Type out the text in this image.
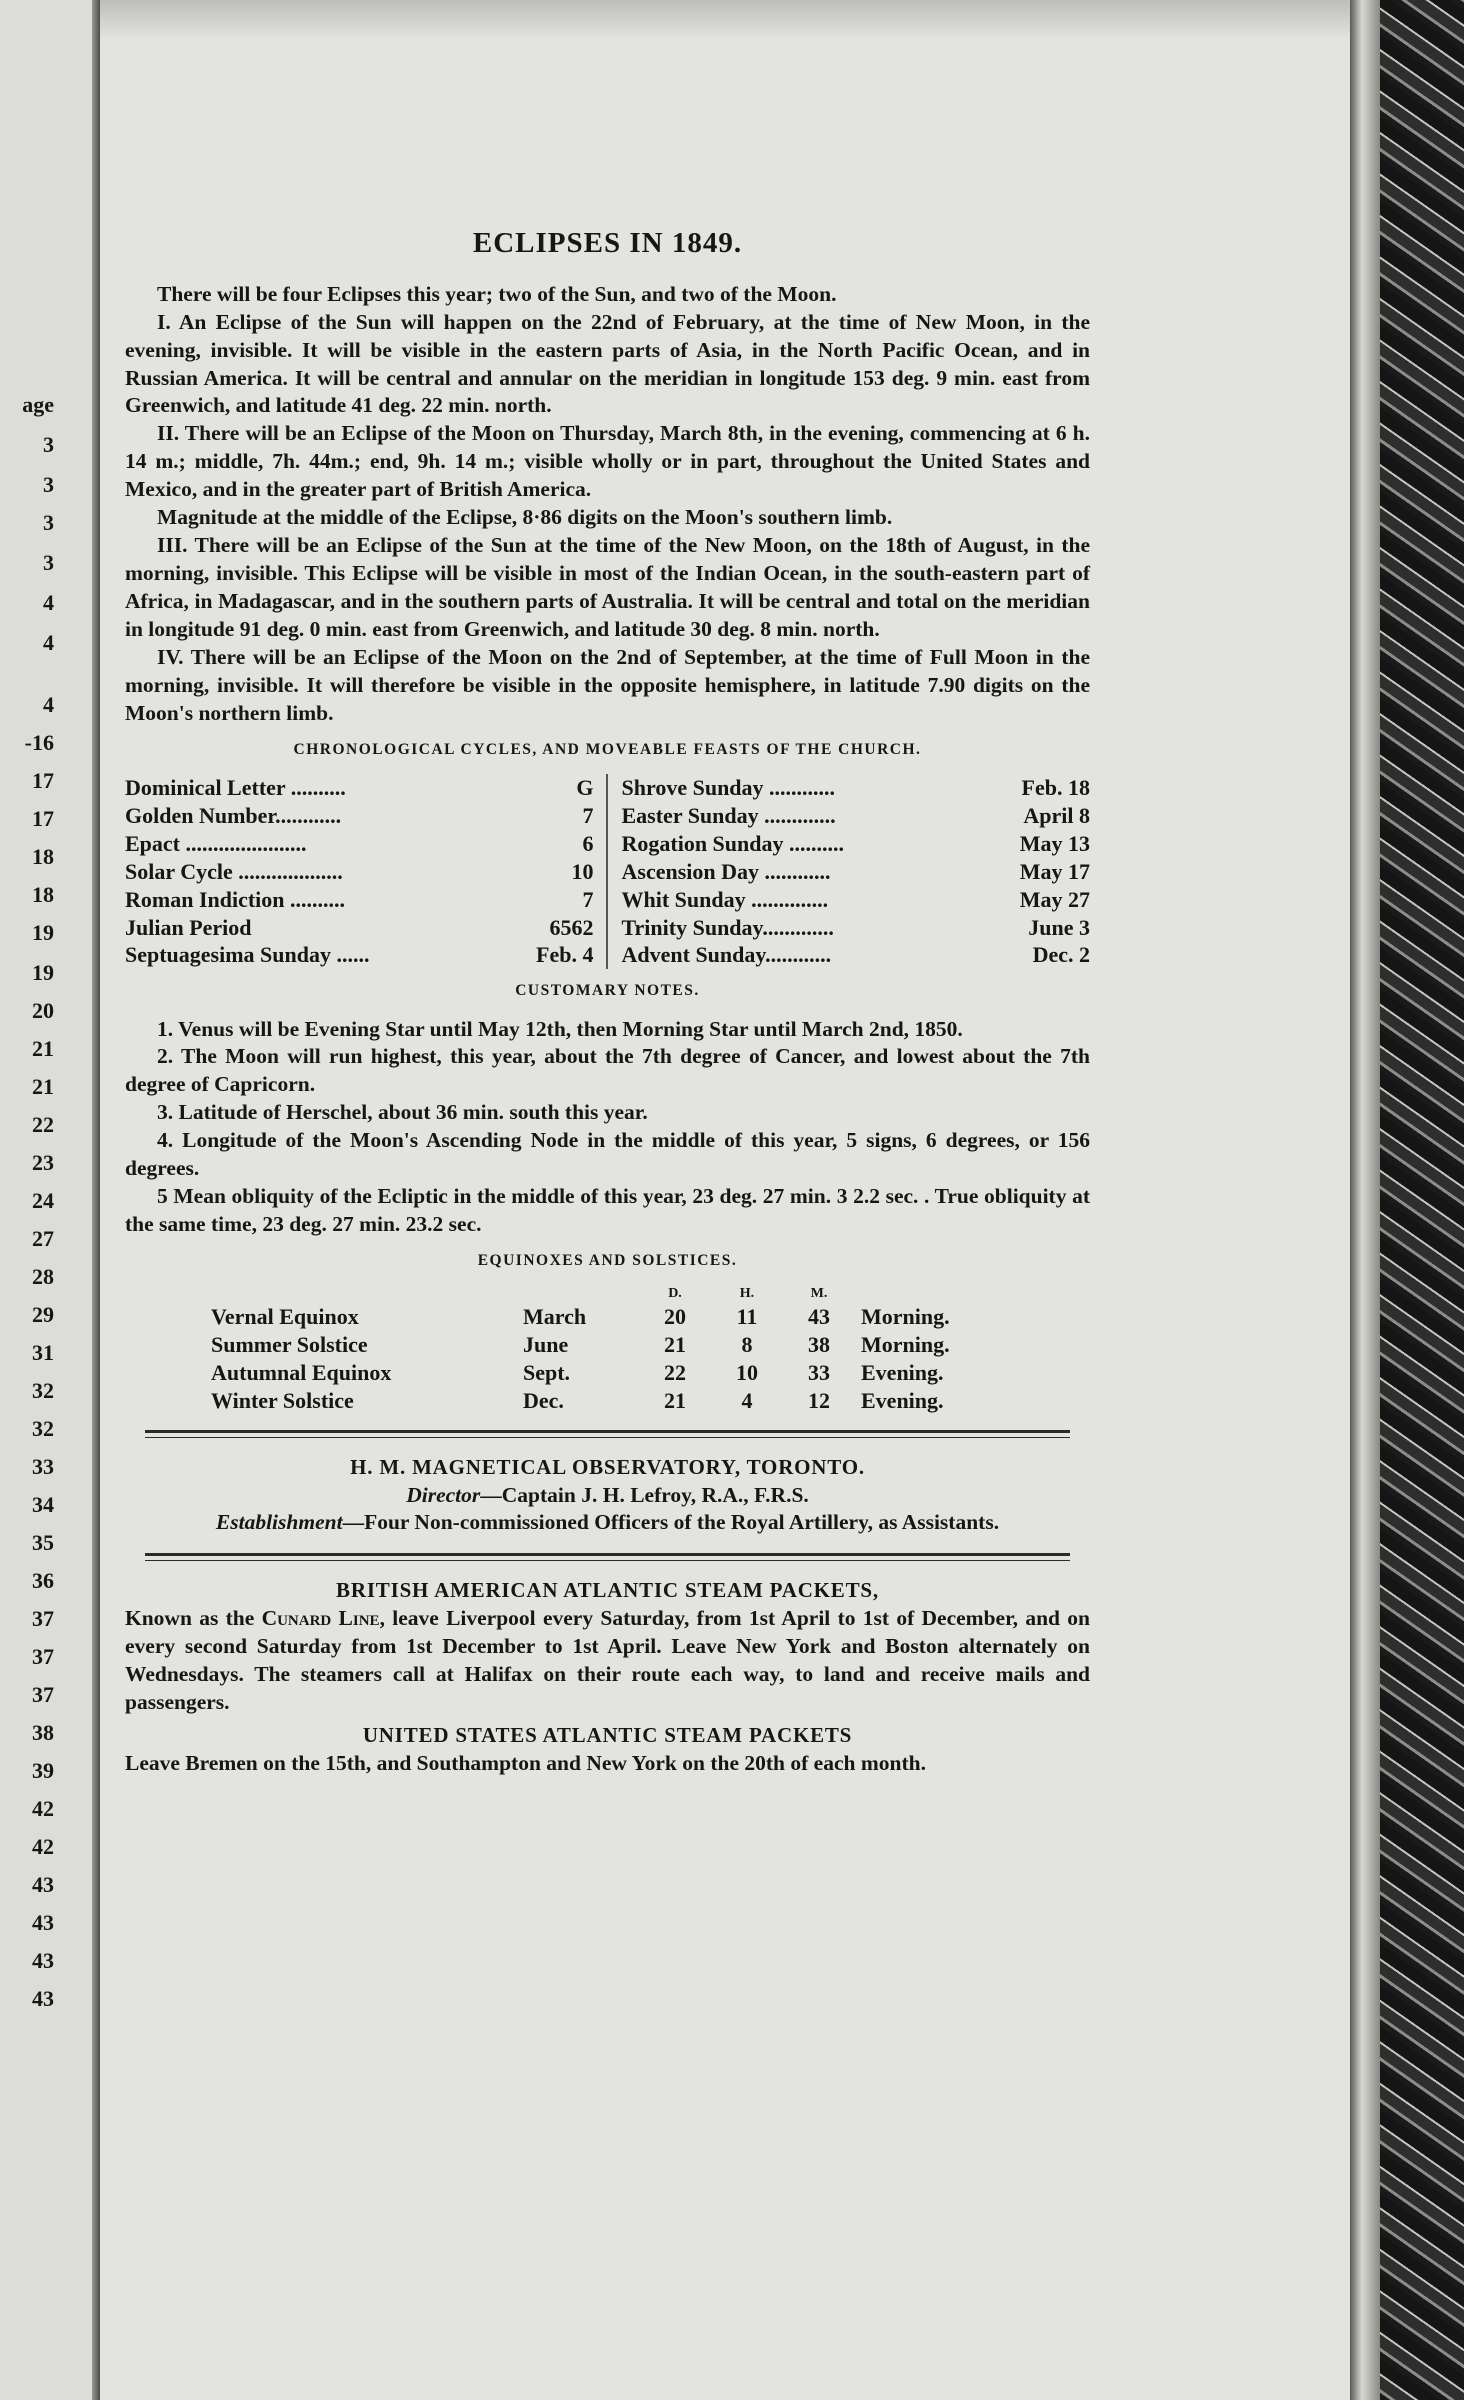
age
3
3
3
3
4
4
4
-16
17
17
18
18
19
19
20
21
21
22
23
24
27
28
29
31
32
32
33
34
35
36
37
37
37
38
39
42
42
43
43
43
43
ECLIPSES IN 1849.

There will be four Eclipses this year; two of the Sun, and two of the Moon.

I. An Eclipse of the Sun will happen on the 22nd of February, at the time of New Moon, in the evening, invisible. It will be visible in the eastern parts of Asia, in the North Pacific Ocean, and in Russian America. It will be central and annular on the meridian in longitude 153 deg. 9 min. east from Greenwich, and latitude 41 deg. 22 min. north.

II. There will be an Eclipse of the Moon on Thursday, March 8th, in the evening, commencing at 6 h. 14 m.; middle, 7h. 44m.; end, 9h. 14 m.; visible wholly or in part, throughout the United States and Mexico, and in the greater part of British America.

Magnitude at the middle of the Eclipse, 8·86 digits on the Moon's southern limb.

III. There will be an Eclipse of the Sun at the time of the New Moon, on the 18th of August, in the morning, invisible. This Eclipse will be visible in most of the Indian Ocean, in the south-eastern part of Africa, in Madagascar, and in the southern parts of Australia. It will be central and total on the meridian in longitude 91 deg. 0 min. east from Greenwich, and latitude 30 deg. 8 min. north.

IV. There will be an Eclipse of the Moon on the 2nd of September, at the time of Full Moon in the morning, invisible. It will therefore be visible in the opposite hemisphere, in latitude 7.90 digits on the Moon's northern limb.

CHRONOLOGICAL CYCLES, AND MOVEABLE FEASTS OF THE CHURCH.
Dominical Letter ..........	G
Golden Number............	7
Epact ......................	6
Solar Cycle ...................	10
Roman Indiction ..........	7
Julian Period	6562
Septuagesima Sunday ......	Feb. 4
Shrove Sunday ............	Feb. 18
Easter Sunday .............	April 8
Rogation Sunday ..........	May 13
Ascension Day ............	May 17
Whit Sunday ..............	May 27
Trinity Sunday.............	June 3
Advent Sunday............	Dec. 2
CUSTOMARY NOTES.

1. Venus will be Evening Star until May 12th, then Morning Star until March 2nd, 1850.

2. The Moon will run highest, this year, about the 7th degree of Cancer, and lowest about the 7th degree of Capricorn.

3. Latitude of Herschel, about 36 min. south this year.

4. Longitude of the Moon's Ascending Node in the middle of this year, 5 signs, 6 degrees, or 156 degrees.

5 Mean obliquity of the Ecliptic in the middle of this year, 23 deg. 27 min. 3 2.2 sec. . True obliquity at the same time, 23 deg. 27 min. 23.2 sec.

EQUINOXES AND SOLSTICES.
		D.	H.	M.	
Vernal Equinox	March	20	11	43	Morning.
Summer Solstice	June	21	8	38	Morning.
Autumnal Equinox	Sept.	22	10	33	Evening.
Winter Solstice	Dec.	21	4	12	Evening.
H. M. MAGNETICAL OBSERVATORY, TORONTO.
Director—Captain J. H. Lefroy, R.A., F.R.S.
Establishment—Four Non-commissioned Officers of the Royal Artillery, as Assistants.
BRITISH AMERICAN ATLANTIC STEAM PACKETS,

Known as the Cunard Line, leave Liverpool every Saturday, from 1st April to 1st of December, and on every second Saturday from 1st December to 1st April. Leave New York and Boston alternately on Wednesdays. The steamers call at Halifax on their route each way, to land and receive mails and passengers.

UNITED STATES ATLANTIC STEAM PACKETS

Leave Bremen on the 15th, and Southampton and New York on the 20th of each month.
